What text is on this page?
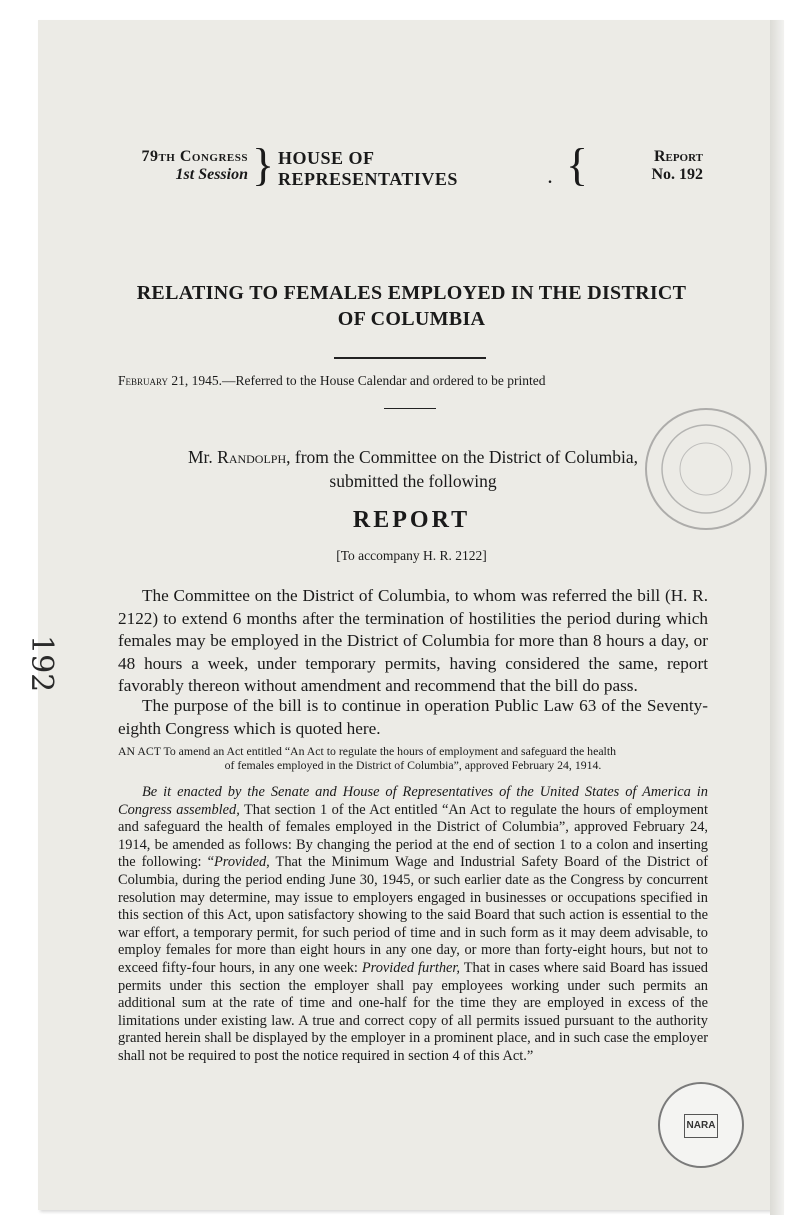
192
79th Congress
1st Session } HOUSE OF REPRESENTATIVES	. {	Report
No. 192
RELATING TO FEMALES EMPLOYED IN THE DISTRICT
OF COLUMBIA
February 21, 1945.—Referred to the House Calendar and ordered to be printed
Mr. Randolph, from the Committee on the District of Columbia,
submitted the following
REPORT
[To accompany H. R. 2122]
The Committee on the District of Columbia, to whom was referred the bill (H. R. 2122) to extend 6 months after the termination of hostilities the period during which females may be employed in the District of Columbia for more than 8 hours a day, or 48 hours a week, under temporary permits, having considered the same, report favorably thereon without amendment and recommend that the bill do pass.
The purpose of the bill is to continue in operation Public Law 63 of the Seventy-eighth Congress which is quoted here.
AN ACT To amend an Act entitled “An Act to regulate the hours of employment and safeguard the health
of females employed in the District of Columbia”, approved February 24, 1914.
Be it enacted by the Senate and House of Representatives of the United States of America in Congress assembled, That section 1 of the Act entitled “An Act to regulate the hours of employment and safeguard the health of females employed in the District of Columbia”, approved February 24, 1914, be amended as follows: By changing the period at the end of section 1 to a colon and inserting the following: “Provided, That the Minimum Wage and Industrial Safety Board of the District of Columbia, during the period ending June 30, 1945, or such earlier date as the Congress by concurrent resolution may determine, may issue to employers engaged in businesses or occupations specified in this section of this Act, upon satisfactory showing to the said Board that such action is essential to the war effort, a temporary permit, for such period of time and in such form as it may deem advisable, to employ females for more than eight hours in any one day, or more than forty-eight hours, but not to exceed fifty-four hours, in any one week: Provided further, That in cases where said Board has issued permits under this section the employer shall pay employees working under such permits an additional sum at the rate of time and one-half for the time they are employed in excess of the limitations under existing law. A true and correct copy of all permits issued pursuant to the authority granted herein shall be displayed by the employer in a prominent place, and in such case the employer shall not be required to post the notice required in section 4 of this Act.”
NARA
